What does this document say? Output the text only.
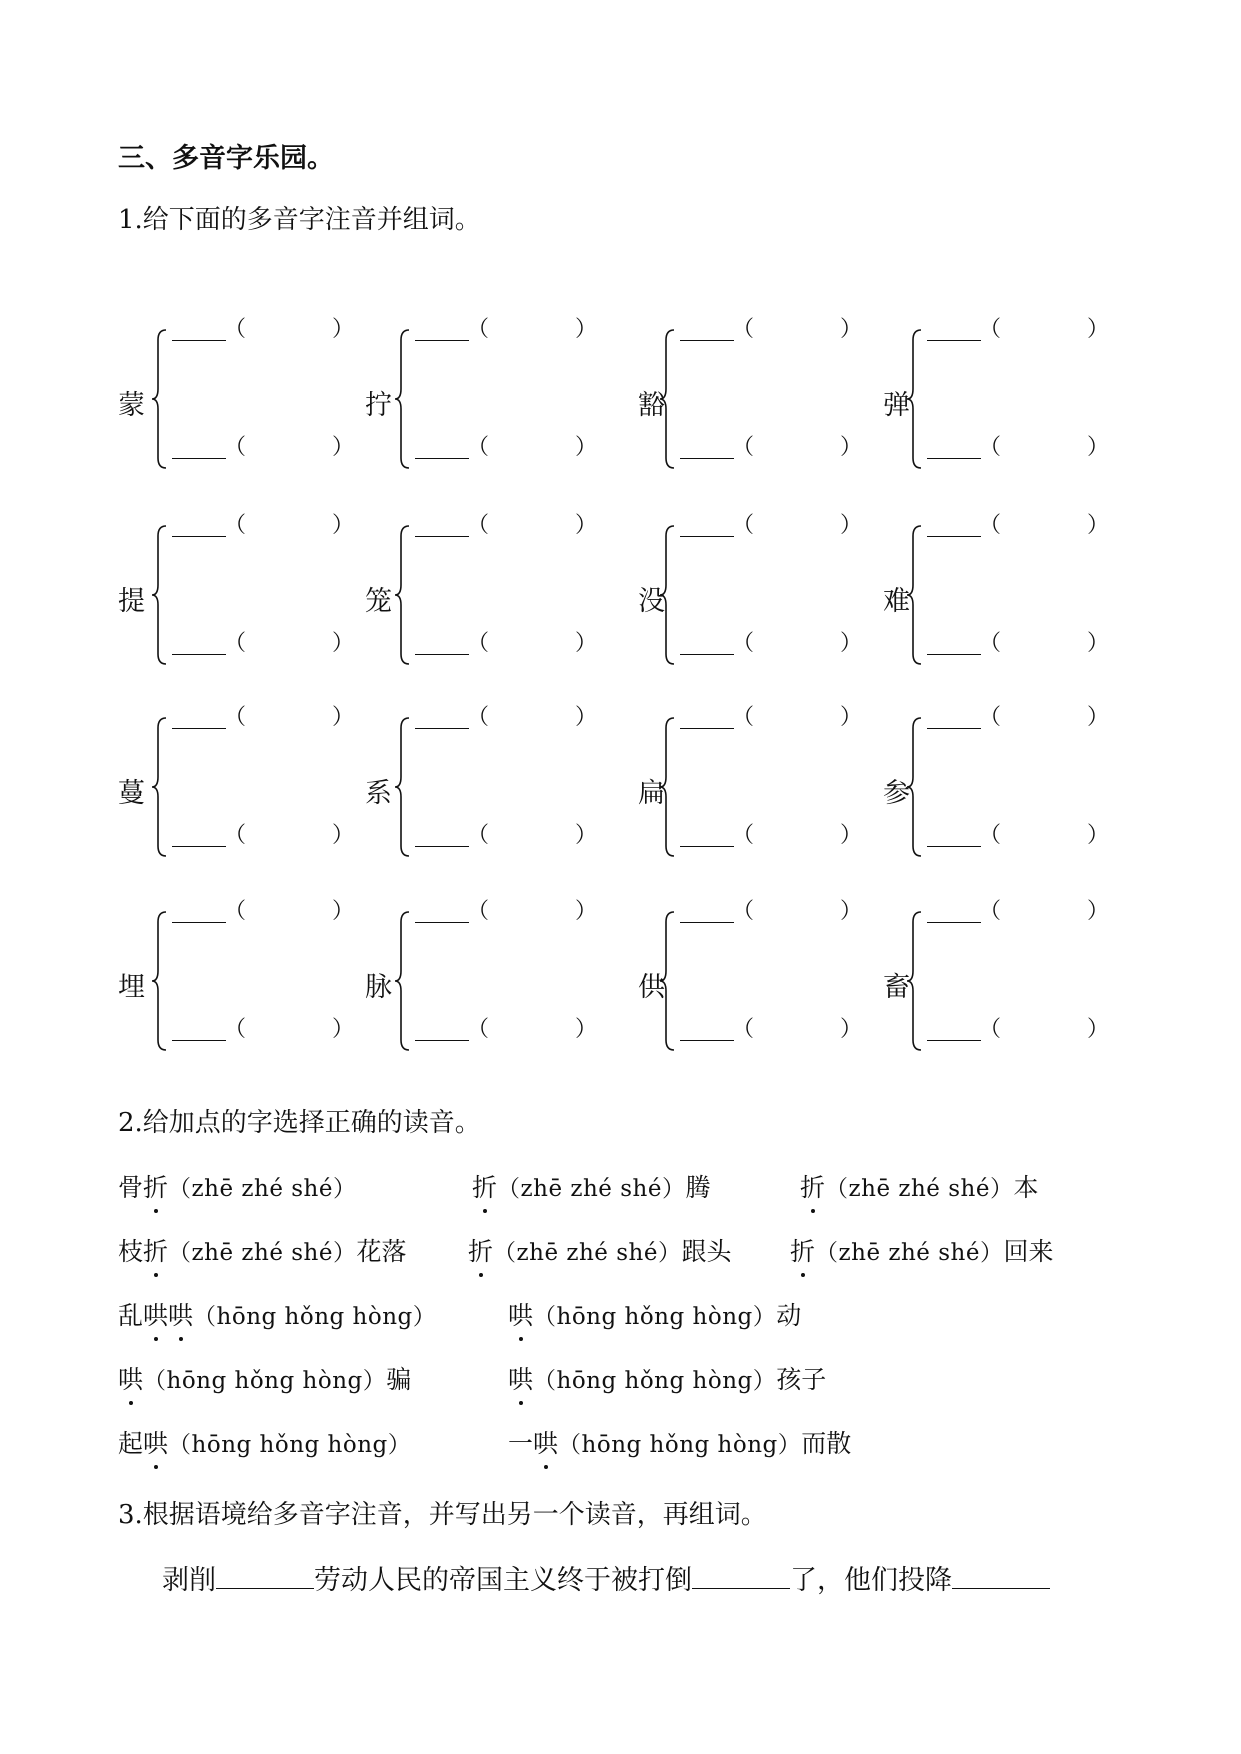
三、多音字乐园。
1.给下面的多音字注音并组词。
蒙
（	）
（	）
拧
（	）
（	）
豁
（	）
（	）
弹
（	）
（	）
提
（	）
（	）
笼
（	）
（	）
没
（	）
（	）
难
（	）
（	）
蔓
（	）
（	）
系
（	）
（	）
扁
（	）
（	）
参
（	）
（	）
埋
（	）
（	）
脉
（	）
（	）
供
（	）
（	）
畜
（	）
（	）
2.给加点的字选择正确的读音。
骨折（zhē zhé shé）	折（zhē zhé shé）腾	折（zhē zhé shé）本
枝折（zhē zhé shé）花落 折（zhē zhé shé）跟头 折（zhē zhé shé）回来
乱哄哄（hōng hǒng hòng）	哄（hōng hǒng hòng）动
哄（hōng hǒng hòng）骗	哄（hōng hǒng hòng）孩子
起哄（hōng hǒng hòng）	一哄（hōng hǒng hòng）而散
3.根据语境给多音字注音，并写出另一个读音，再组词。
剥削	劳动人民的帝国主义终于被打倒	了，他们投降
